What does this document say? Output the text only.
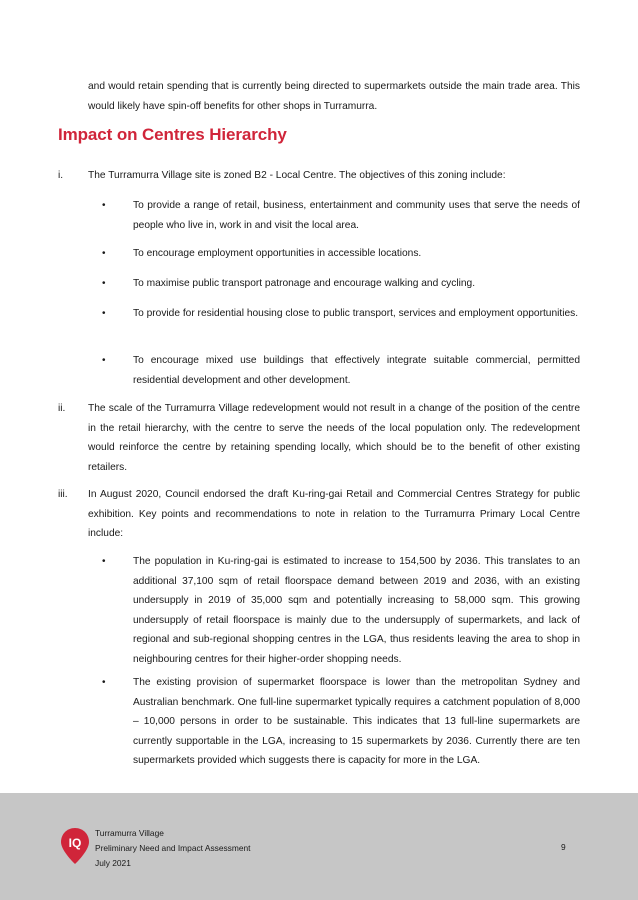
and would retain spending that is currently being directed to supermarkets outside the main trade area. This would likely have spin-off benefits for other shops in Turramurra.

Impact on Centres Hierarchy
i. The Turramurra Village site is zoned B2 - Local Centre. The objectives of this zoning include:

•	To provide a range of retail, business, entertainment and community uses that serve the needs of people who live in, work in and visit the local area.

•	To encourage employment opportunities in accessible locations.

•	To maximise public transport patronage and encourage walking and cycling.

•	To provide for residential housing close to public transport, services and employment opportunities.

•	To encourage mixed use buildings that effectively integrate suitable commercial, permitted residential development and other development.

ii. The scale of the Turramurra Village redevelopment would not result in a change of the position of the centre in the retail hierarchy, with the centre to serve the needs of the local population only. The redevelopment would reinforce the centre by retaining spending locally, which should be to the benefit of other existing retailers.

iii. In August 2020, Council endorsed the draft Ku-ring-gai Retail and Commercial Centres Strategy for public exhibition. Key points and recommendations to note in relation to the Turramurra Primary Local Centre include:

•	The population in Ku-ring-gai is estimated to increase to 154,500 by 2036. This translates to an additional 37,100 sqm of retail floorspace demand between 2019 and 2036, with an existing undersupply in 2019 of 35,000 sqm and potentially increasing to 58,000 sqm. This growing undersupply of retail floorspace is mainly due to the undersupply of supermarkets, and lack of regional and sub-regional shopping centres in the LGA, thus residents leaving the area to shop in neighbouring centres for their higher-order shopping needs.

•	The existing provision of supermarket floorspace is lower than the metropolitan Sydney and Australian benchmark. One full-line supermarket typically requires a catchment population of 8,000 – 10,000 persons in order to be sustainable. This indicates that 13 full-line supermarkets are currently supportable in the LGA, increasing to 15 supermarkets by 2036. Currently there are ten supermarkets provided which suggests there is capacity for more in the LGA.

IQ
Turramurra Village
Preliminary Need and Impact Assessment
July 2021
9
